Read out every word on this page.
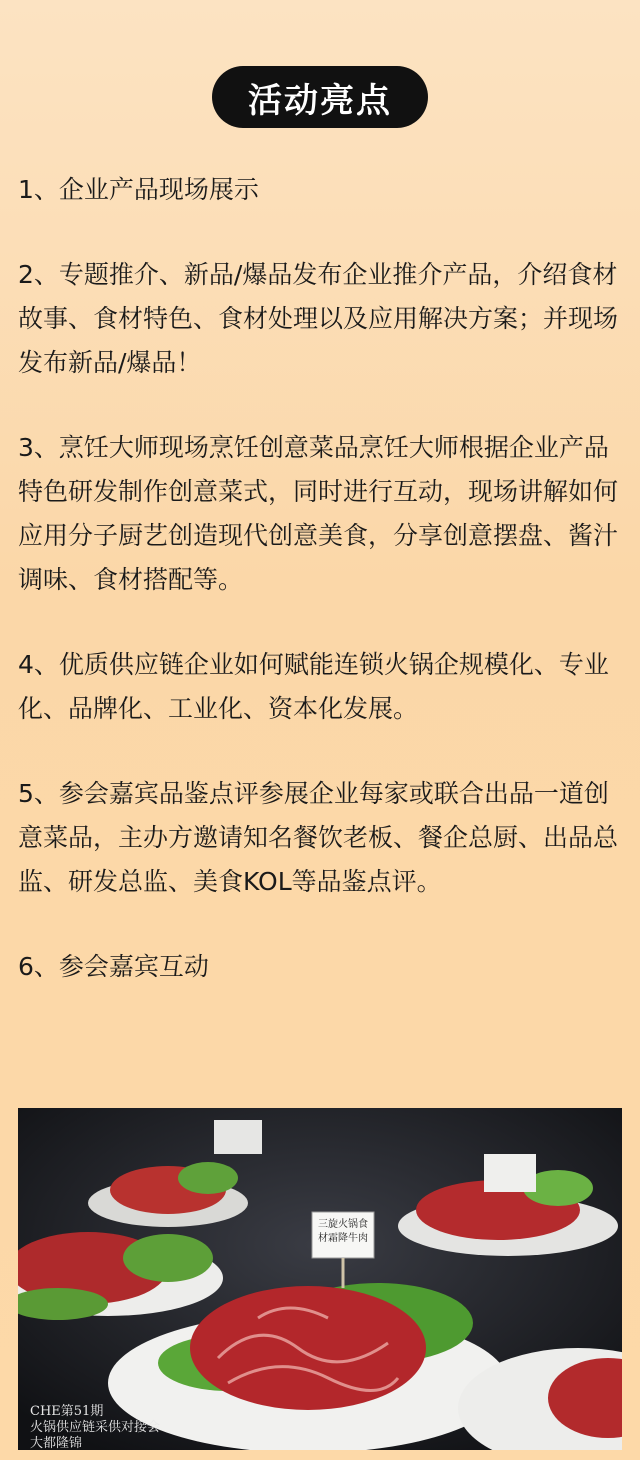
活动亮点

1、企业产品现场展示

2、专题推介、新品/爆品发布企业推介产品，介绍食材故事、食材特色、食材处理以及应用解决方案；并现场发布新品/爆品！

3、烹饪大师现场烹饪创意菜品烹饪大师根据企业产品特色研发制作创意菜式，同时进行互动，现场讲解如何应用分子厨艺创造现代创意美食，分享创意摆盘、酱汁调味、食材搭配等。

4、优质供应链企业如何赋能连锁火锅企规模化、专业化、品牌化、工业化、资本化发展。

5、参会嘉宾品鉴点评参展企业每家或联合出品一道创意菜品，主办方邀请知名餐饮老板、餐企总厨、出品总监、研发总监、美食KOL等品鉴点评。

6、参会嘉宾互动

三旋火锅食材霜降牛肉
CHE第51期
火锅供应链采供对接会
大都隆锦
